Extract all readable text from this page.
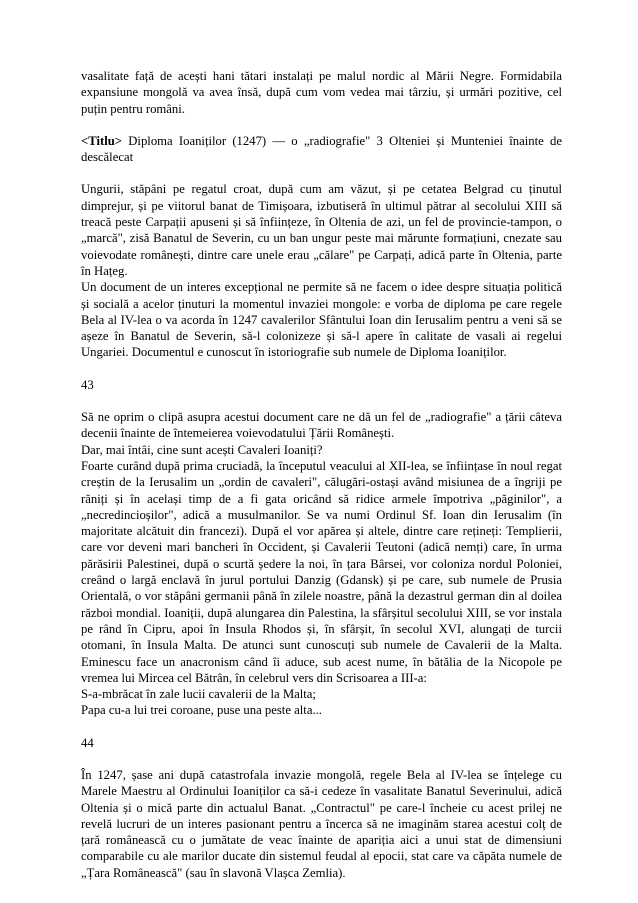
vasalitate față de acești hani tătari instalați pe malul nordic al Mării Negre. Formidabila expansiune mongolă va avea însă, după cum vom vedea mai târziu, și urmări pozitive, cel puțin pentru români.

<Titlu> Diploma Ioaniților (1247) — o „radiografie" 3 Olteniei și Munteniei înainte de descălecat

Ungurii, stăpâni pe regatul croat, după cum am văzut, și pe cetatea Belgrad cu ținutul dimprejur, și pe viitorul banat de Timișoara, izbutiseră în ultimul pătrar al secolului XIII să treacă peste Carpații apuseni și să înființeze, în Oltenia de azi, un fel de provincie-tampon, o „marcă", zisă Banatul de Severin, cu un ban ungur peste mai mărunte formațiuni, cnezate sau voievodate românești, dintre care unele erau „călare" pe Carpați, adică parte în Oltenia, parte în Hațeg.

Un document de un interes excepțional ne permite să ne facem o idee despre situația politică și socială a acelor ținuturi la momentul invaziei mongole: e vorba de diploma pe care regele Bela al IV-lea o va acorda în 1247 cavalerilor Sfântului Ioan din Ierusalim pentru a veni să se așeze în Banatul de Severin, să-l colonizeze și să-l apere în calitate de vasali ai regelui Ungariei. Documentul e cunoscut în istoriografie sub numele de Diploma Ioaniților.

43

Să ne oprim o clipă asupra acestui document care ne dă un fel de „radiografie" a țării câteva decenii înainte de întemeierea voievodatului Țării Românești.

Dar, mai întâi, cine sunt acești Cavaleri Ioaniți?

Foarte curând după prima cruciadă, la începutul veacului al XII-lea, se înființase în noul regat creștin de la Ierusalim un „ordin de cavaleri", călugări-ostași având misiunea de a îngriji pe răniți și în același timp de a fi gata oricând să ridice armele împotriva „păginilor", a „necredincioșilor", adică a musulmanilor. Se va numi Ordinul Sf. Ioan din Ierusalim (în majoritate alcătuit din francezi). După el vor apărea și altele, dintre care rețineți: Templierii, care vor deveni mari bancheri în Occident, și Cavalerii Teutoni (adică nemți) care, în urma părăsirii Palestinei, după o scurtă ședere la noi, în țara Bârsei, vor coloniza nordul Poloniei, creând o largă enclavă în jurul portului Danzig (Gdansk) și pe care, sub numele de Prusia Orientală, o vor stăpâni germanii până în zilele noastre, până la dezastrul german din al doilea război mondial. Ioaniții, după alungarea din Palestina, la sfârșitul secolului XIII, se vor instala pe rând în Cipru, apoi în Insula Rhodos și, în sfârșit, în secolul XVI, alungați de turcii otomani, în Insula Malta. De atunci sunt cunoscuți sub numele de Cavalerii de la Malta. Eminescu face un anacronism când îi aduce, sub acest nume, în bătălia de la Nicopole pe vremea lui Mircea cel Bătrân, în celebrul vers din Scrisoarea a III-a:

S-a-mbrăcat în zale lucii cavalerii de la Malta;

Papa cu-a lui trei coroane, puse una peste alta...

44

În 1247, șase ani după catastrofala invazie mongolă, regele Bela al IV-lea se înțelege cu Marele Maestru al Ordinului Ioaniților ca să-i cedeze în vasalitate Banatul Severinului, adică Oltenia și o mică parte din actualul Banat. „Contractul" pe care-l încheie cu acest prilej ne revelă lucruri de un interes pasionant pentru a încerca să ne imaginăm starea acestui colț de țară românească cu o jumătate de veac înainte de apariția aici a unui stat de dimensiuni comparabile cu ale marilor ducate din sistemul feudal al epocii, stat care va căpăta numele de „Țara Românească" (sau în slavonă Vlașca Zemlia).
